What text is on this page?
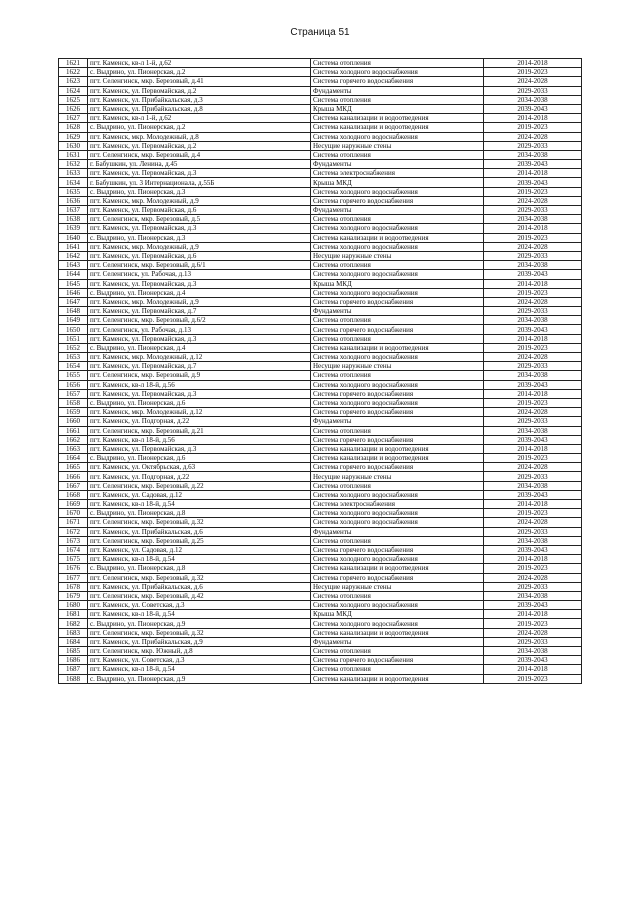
Страница 51
1621	пгт. Каменск, кв-л 1-й, д.62	Система отопления	2014-2018
1622	с. Выдрино, ул. Пионерская, д.2	Система холодного водоснабжения	2019-2023
1623	пгт. Селенгинск, мкр. Березовый, д.41	Система горячего водоснабжения	2024-2028
1624	пгт. Каменск, ул. Первомайская, д.2	Фундаменты	2029-2033
1625	пгт. Каменск, ул. Прибайкальская, д.3	Система отопления	2034-2038
1626	пгт. Каменск, ул. Прибайкальская, д.8	Крыша МКД	2039-2043
1627	пгт. Каменск, кв-л 1-й, д.62	Система канализации и водоотведения	2014-2018
1628	с. Выдрино, ул. Пионерская, д.2	Система канализации и водоотведения	2019-2023
1629	пгт. Каменск, мкр. Молодежный, д.8	Система холодного водоснабжения	2024-2028
1630	пгт. Каменск, ул. Первомайская, д.2	Несущие наружные стены	2029-2033
1631	пгт. Селенгинск, мкр. Березовый, д.4	Система отопления	2034-2038
1632	г. Бабушкин, ул. Ленина, д.45	Фундаменты	2039-2043
1633	пгт. Каменск, ул. Первомайская, д.3	Система электроснабжения	2014-2018
1634	г. Бабушкин, ул. 3 Интернационала, д.55Б	Крыша МКД	2039-2043
1635	с. Выдрино, ул. Пионерская, д.3	Система холодного водоснабжения	2019-2023
1636	пгт. Каменск, мкр. Молодежный, д.9	Система горячего водоснабжения	2024-2028
1637	пгт. Каменск, ул. Первомайская, д.6	Фундаменты	2029-2033
1638	пгт. Селенгинск, мкр. Березовый, д.5	Система отопления	2034-2038
1639	пгт. Каменск, ул. Первомайская, д.3	Система холодного водоснабжения	2014-2018
1640	с. Выдрино, ул. Пионерская, д.3	Система канализации и водоотведения	2019-2023
1641	пгт. Каменск, мкр. Молодежный, д.9	Система холодного водоснабжения	2024-2028
1642	пгт. Каменск, ул. Первомайская, д.6	Несущие наружные стены	2029-2033
1643	пгт. Селенгинск, мкр. Березовый, д.6/1	Система отопления	2034-2038
1644	пгт. Селенгинск, ул. Рабочая, д.13	Система холодного водоснабжения	2039-2043
1645	пгт. Каменск, ул. Первомайская, д.3	Крыша МКД	2014-2018
1646	с. Выдрино, ул. Пионерская, д.4	Система холодного водоснабжения	2019-2023
1647	пгт. Каменск, мкр. Молодежный, д.9	Система горячего водоснабжения	2024-2028
1648	пгт. Каменск, ул. Первомайская, д.7	Фундаменты	2029-2033
1649	пгт. Селенгинск, мкр. Березовый, д.6/2	Система отопления	2034-2038
1650	пгт. Селенгинск, ул. Рабочая, д.13	Система горячего водоснабжения	2039-2043
1651	пгт. Каменск, ул. Первомайская, д.3	Система отопления	2014-2018
1652	с. Выдрино, ул. Пионерская, д.4	Система канализации и водоотведения	2019-2023
1653	пгт. Каменск, мкр. Молодежный, д.12	Система холодного водоснабжения	2024-2028
1654	пгт. Каменск, ул. Первомайская, д.7	Несущие наружные стены	2029-2033
1655	пгт. Селенгинск, мкр. Березовый, д.9	Система отопления	2034-2038
1656	пгт. Каменск, кв-л 18-й, д.56	Система холодного водоснабжения	2039-2043
1657	пгт. Каменск, ул. Первомайская, д.3	Система горячего водоснабжения	2014-2018
1658	с. Выдрино, ул. Пионерская, д.6	Система холодного водоснабжения	2019-2023
1659	пгт. Каменск, мкр. Молодежный, д.12	Система горячего водоснабжения	2024-2028
1660	пгт. Каменск, ул. Подгорная, д.22	Фундаменты	2029-2033
1661	пгт. Селенгинск, мкр. Березовый, д.21	Система отопления	2034-2038
1662	пгт. Каменск, кв-л 18-й, д.56	Система горячего водоснабжения	2039-2043
1663	пгт. Каменск, ул. Первомайская, д.3	Система канализации и водоотведения	2014-2018
1664	с. Выдрино, ул. Пионерская, д.6	Система канализации и водоотведения	2019-2023
1665	пгт. Каменск, ул. Октябрьская, д.63	Система горячего водоснабжения	2024-2028
1666	пгт. Каменск, ул. Подгорная, д.22	Несущие наружные стены	2029-2033
1667	пгт. Селенгинск, мкр. Березовый, д.22	Система отопления	2034-2038
1668	пгт. Каменск, ул. Садовая, д.12	Система холодного водоснабжения	2039-2043
1669	пгт. Каменск, кв-л 18-й, д.54	Система электроснабжения	2014-2018
1670	с. Выдрино, ул. Пионерская, д.8	Система холодного водоснабжения	2019-2023
1671	пгт. Селенгинск, мкр. Березовый, д.32	Система холодного водоснабжения	2024-2028
1672	пгт. Каменск, ул. Прибайкальская, д.6	Фундаменты	2029-2033
1673	пгт. Селенгинск, мкр. Березовый, д.25	Система отопления	2034-2038
1674	пгт. Каменск, ул. Садовая, д.12	Система горячего водоснабжения	2039-2043
1675	пгт. Каменск, кв-л 18-й, д.54	Система холодного водоснабжения	2014-2018
1676	с. Выдрино, ул. Пионерская, д.8	Система канализации и водоотведения	2019-2023
1677	пгт. Селенгинск, мкр. Березовый, д.32	Система горячего водоснабжения	2024-2028
1678	пгт. Каменск, ул. Прибайкальская, д.6	Несущие наружные стены	2029-2033
1679	пгт. Селенгинск, мкр. Березовый, д.42	Система отопления	2034-2038
1680	пгт. Каменск, ул. Советская, д.3	Система холодного водоснабжения	2039-2043
1681	пгт. Каменск, кв-л 18-й, д.54	Крыша МКД	2014-2018
1682	с. Выдрино, ул. Пионерская, д.9	Система холодного водоснабжения	2019-2023
1683	пгт. Селенгинск, мкр. Березовый, д.32	Система канализации и водоотведения	2024-2028
1684	пгт. Каменск, ул. Прибайкальская, д.9	Фундаменты	2029-2033
1685	пгт. Селенгинск, мкр. Южный, д.8	Система отопления	2034-2038
1686	пгт. Каменск, ул. Советская, д.3	Система горячего водоснабжения	2039-2043
1687	пгт. Каменск, кв-л 18-й, д.54	Система отопления	2014-2018
1688	с. Выдрино, ул. Пионерская, д.9	Система канализации и водоотведения	2019-2023
